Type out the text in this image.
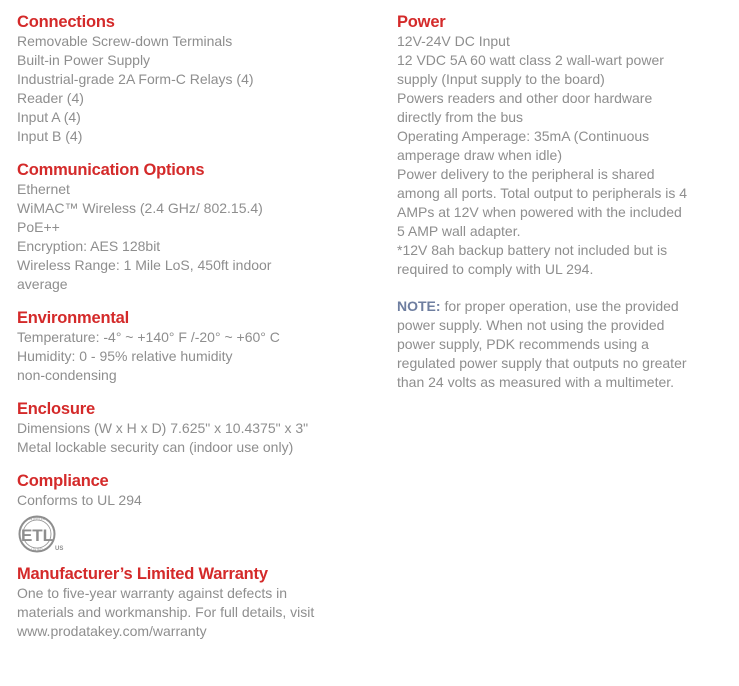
Connections

Removable Screw-down Terminals

Built-in Power Supply

Industrial-grade 2A Form-C Relays (4)

Reader (4)

Input A (4)

Input B (4)

Communication Options

Ethernet

WiMAC™ Wireless (2.4 GHz/ 802.15.4)

PoE++

Encryption: AES 128bit

Wireless Range: 1 Mile LoS, 450ft indoor

average

Environmental

Temperature: -4° ~ +140° F /-20° ~ +60° C

Humidity: 0 - 95% relative humidity

non-condensing

Enclosure

Dimensions (W x H x D) 7.625" x 10.4375" x 3"

Metal lockable security can (indoor use only)

Compliance

Conforms to UL 294

ETL
INTERTEK
LISTED US
Manufacturer’s Limited Warranty

One to five-year warranty against defects in

materials and workmanship. For full details, visit

www.prodatakey.com/warranty

Power

12V-24V DC Input

12 VDC 5A 60 watt class 2 wall-wart power

supply (Input supply to the board)

Powers readers and other door hardware

directly from the bus

Operating Amperage: 35mA (Continuous

amperage draw when idle)

Power delivery to the peripheral is shared

among all ports. Total output to peripherals is 4

AMPs at 12V when powered with the included

5 AMP wall adapter.

*12V 8ah backup battery not included but is

required to comply with UL 294.

NOTE: for proper operation, use the provided

power supply. When not using the provided

power supply, PDK recommends using a

regulated power supply that outputs no greater

than 24 volts as measured with a multimeter.
